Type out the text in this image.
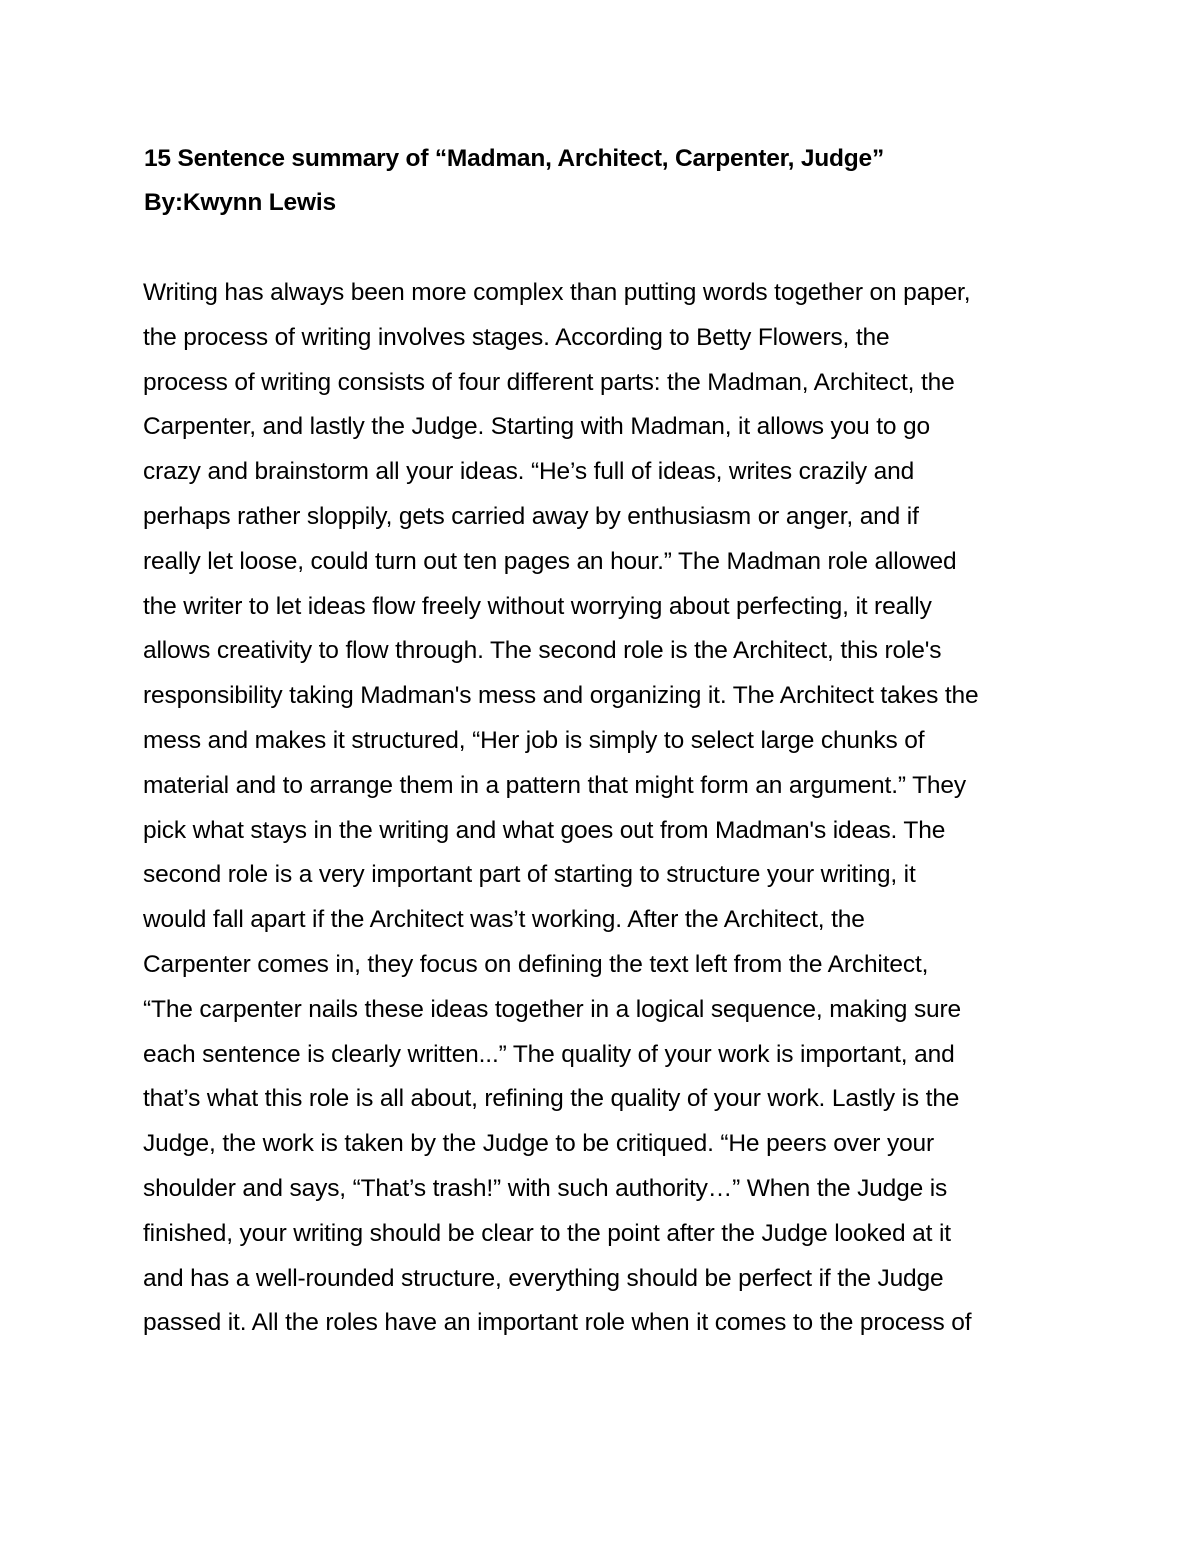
15 Sentence summary of “Madman, Architect, Carpenter, Judge”
By:Kwynn Lewis
Writing has always been more complex than putting words together on paper,
the process of writing involves stages. According to Betty Flowers, the
process of writing consists of four different parts: the Madman, Architect, the
Carpenter, and lastly the Judge. Starting with Madman, it allows you to go
crazy and brainstorm all your ideas. “He’s full of ideas, writes crazily and
perhaps rather sloppily, gets carried away by enthusiasm or anger, and if
really let loose, could turn out ten pages an hour.” The Madman role allowed
the writer to let ideas flow freely without worrying about perfecting, it really
allows creativity to flow through. The second role is the Architect, this role's
responsibility taking Madman's mess and organizing it. The Architect takes the
mess and makes it structured, “Her job is simply to select large chunks of
material and to arrange them in a pattern that might form an argument.” They
pick what stays in the writing and what goes out from Madman's ideas. The
second role is a very important part of starting to structure your writing, it
would fall apart if the Architect was’t working. After the Architect, the
Carpenter comes in, they focus on defining the text left from the Architect,
“The carpenter nails these ideas together in a logical sequence, making sure
each sentence is clearly written...” The quality of your work is important, and
that’s what this role is all about, refining the quality of your work. Lastly is the
Judge, the work is taken by the Judge to be critiqued. “He peers over your
shoulder and says, “That’s trash!” with such authority…” When the Judge is
finished, your writing should be clear to the point after the Judge looked at it
and has a well-rounded structure, everything should be perfect if the Judge
passed it. All the roles have an important role when it comes to the process of
